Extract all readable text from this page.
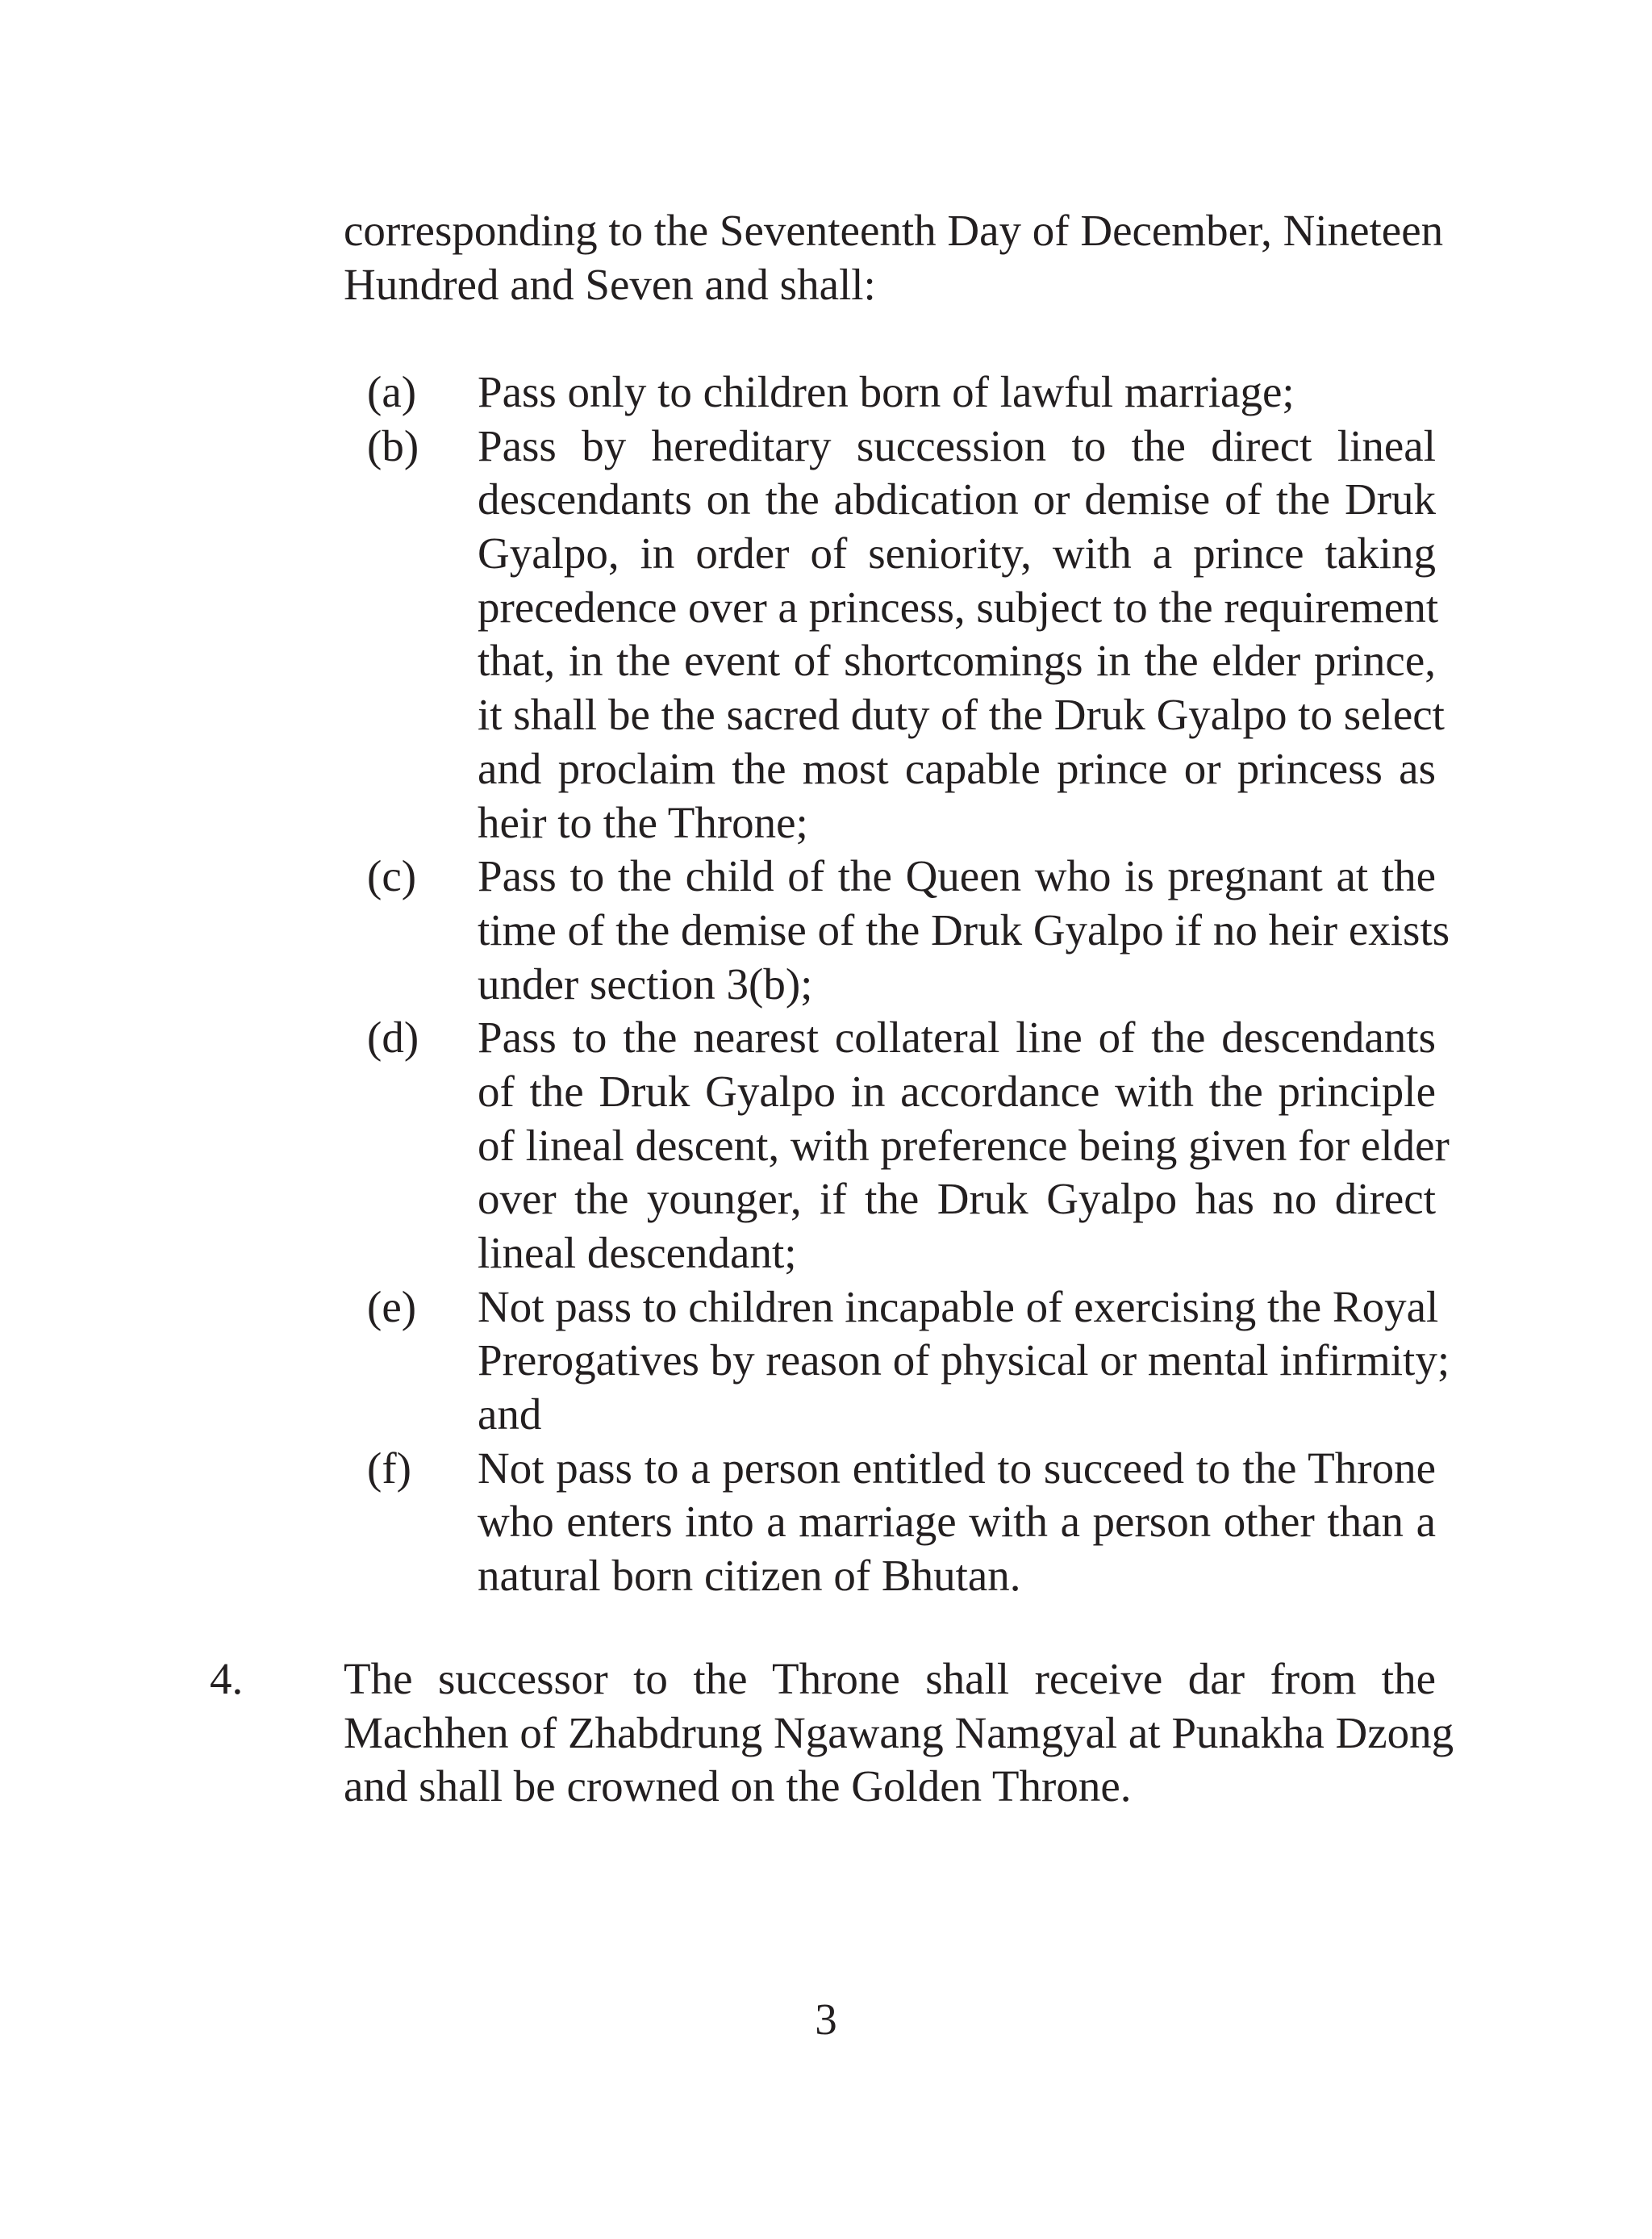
corresponding to the Seventeenth Day of December, Nineteen
Hundred and Seven and shall:
(a) Pass only to children born of lawful marriage;
(b) Pass by hereditary succession to the direct lineal
descendants on the abdication or demise of the Druk
Gyalpo, in order of seniority, with a prince taking
precedence over a princess, subject to the requirement
that, in the event of shortcomings in the elder prince,
it shall be the sacred duty of the Druk Gyalpo to select
and proclaim the most capable prince or princess as
heir to the Throne;
(c) Pass to the child of the Queen who is pregnant at the
time of the demise of the Druk Gyalpo if no heir exists
under section 3(b);
(d) Pass to the nearest collateral line of the descendants
of the Druk Gyalpo in accordance with the principle
of lineal descent, with preference being given for elder
over the younger, if the Druk Gyalpo has no direct
lineal descendant;
(e) Not pass to children incapable of exercising the Royal
Prerogatives by reason of physical or mental infirmity;
and
(f) Not pass to a person entitled to succeed to the Throne
who enters into a marriage with a person other than a
natural born citizen of Bhutan.
4. The successor to the Throne shall receive dar from the
Machhen of Zhabdrung Ngawang Namgyal at Punakha Dzong
and shall be crowned on the Golden Throne.
3
